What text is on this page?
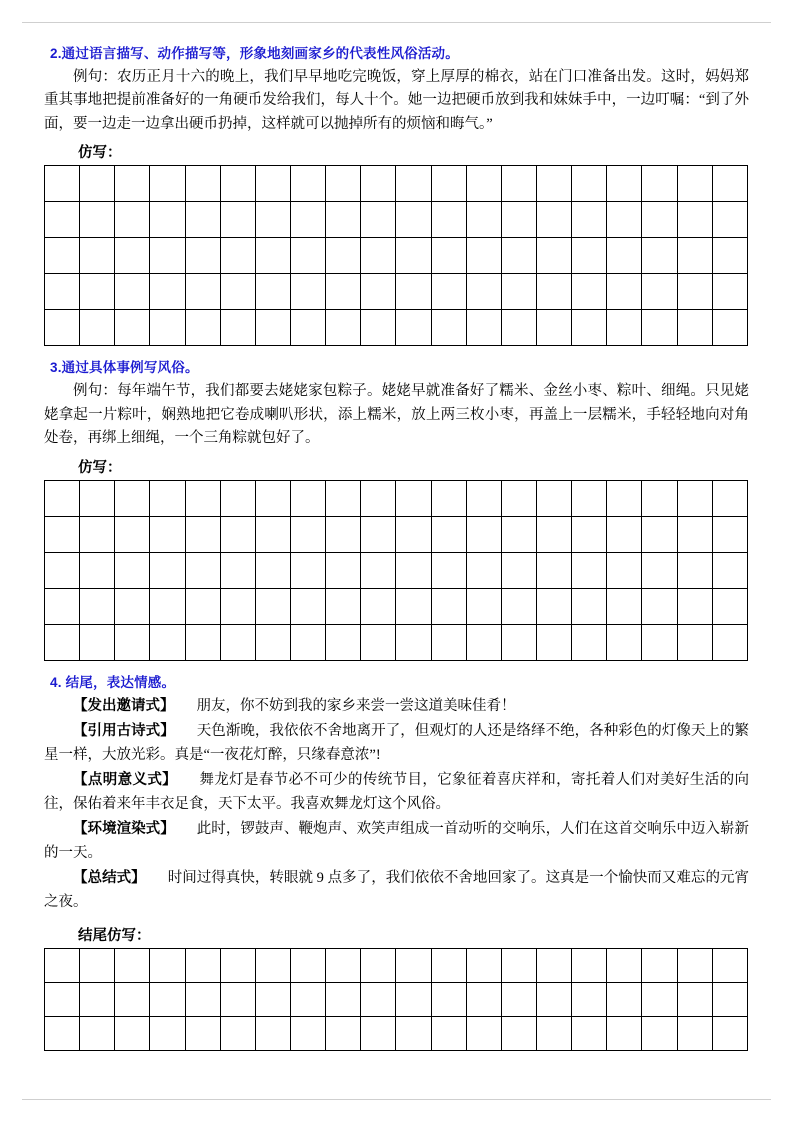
2.通过语言描写、动作描写等，形象地刻画家乡的代表性风俗活动。

例句：农历正月十六的晚上，我们早早地吃完晚饭，穿上厚厚的棉衣，站在门口准备出发。这时，妈妈郑重其事地把提前准备好的一角硬币发给我们，每人十个。她一边把硬币放到我和妹妹手中，一边叮嘱：“到了外面，要一边走一边拿出硬币扔掉，这样就可以抛掉所有的烦恼和晦气。”

仿写：

3.通过具体事例写风俗。

例句：每年端午节，我们都要去姥姥家包粽子。姥姥早就准备好了糯米、金丝小枣、粽叶、细绳。只见姥姥拿起一片粽叶，娴熟地把它卷成喇叭形状，添上糯米，放上两三枚小枣，再盖上一层糯米，手轻轻地向对角处卷，再绑上细绳，一个三角粽就包好了。

仿写：

4. 结尾，表达情感。

【发出邀请式】 朋友，你不妨到我的家乡来尝一尝这道美味佳肴！

【引用古诗式】 天色渐晚，我依依不舍地离开了，但观灯的人还是络绎不绝，各种彩色的灯像天上的繁星一样，大放光彩。真是“一夜花灯醉，只缘春意浓”!

【点明意义式】 舞龙灯是春节必不可少的传统节目，它象征着喜庆祥和，寄托着人们对美好生活的向往，保佑着来年丰衣足食，天下太平。我喜欢舞龙灯这个风俗。

【环境渲染式】 此时，锣鼓声、鞭炮声、欢笑声组成一首动听的交响乐，人们在这首交响乐中迈入崭新的一天。

【总结式】 时间过得真快，转眼就 9 点多了，我们依依不舍地回家了。这真是一个愉快而又难忘的元宵之夜。

结尾仿写：
